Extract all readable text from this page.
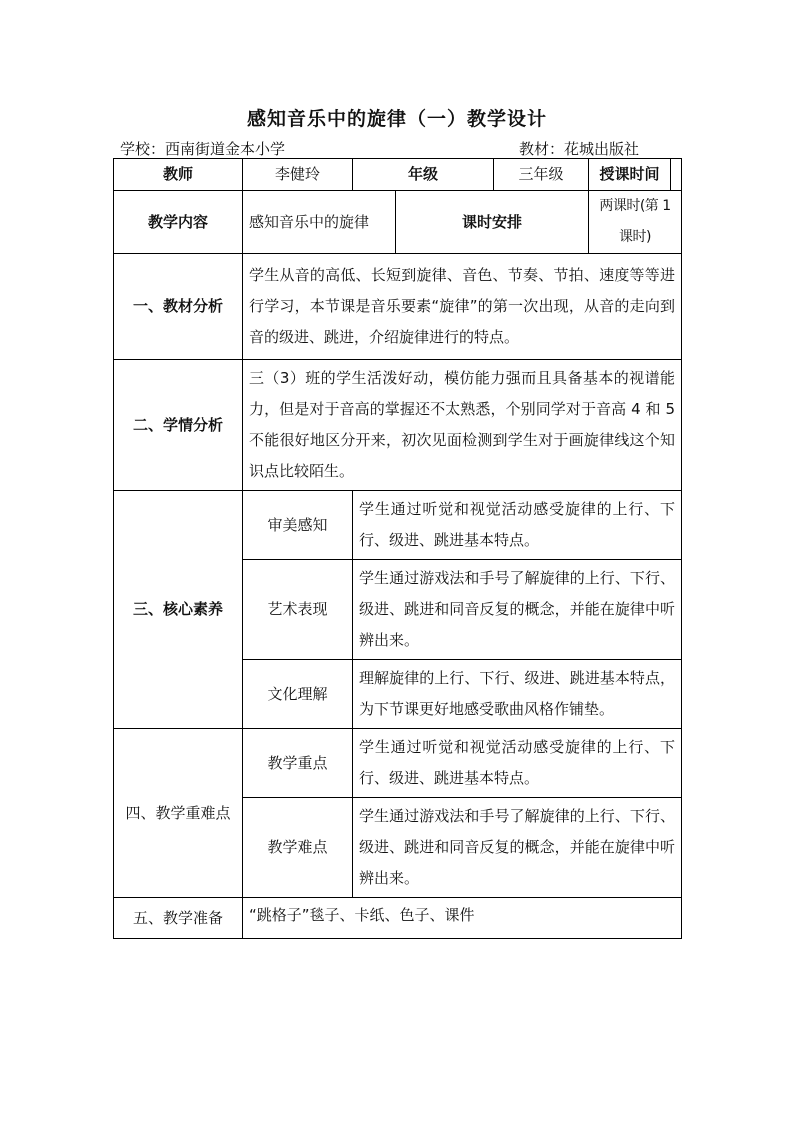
感知音乐中的旋律（一）教学设计
学校：西南街道金本小学	教材：花城出版社
教师	李健玲	年级		三年级	授课时间

教学内容	感知音乐中的旋律		课时安排		两课时(第 1 课时)
一、教材分析	学生从音的高低、长短到旋律、音色、节奏、节拍、速度等等进行学习，本节课是音乐要素“旋律”的第一次出现，从音的走向到音的级进、跳进，介绍旋律进行的特点。				
二、学情分析	三（3）班的学生活泼好动，模仿能力强而且具备基本的视谱能力，但是对于音高的掌握还不太熟悉，个别同学对于音高 4 和 5 不能很好地区分开来，初次见面检测到学生对于画旋律线这个知识点比较陌生。				
三、核心素养	审美感知	学生通过听觉和视觉活动感受旋律的上行、下行、级进、跳进基本特点。			
	艺术表现	学生通过游戏法和手号了解旋律的上行、下行、级进、跳进和同音反复的概念，并能在旋律中听辨出来。			
	文化理解	理解旋律的上行、下行、级进、跳进基本特点，为下节课更好地感受歌曲风格作铺垫。			
四、教学重难点	教学重点	学生通过听觉和视觉活动感受旋律的上行、下行、级进、跳进基本特点。			
	教学难点	学生通过游戏法和手号了解旋律的上行、下行、级进、跳进和同音反复的概念，并能在旋律中听辨出来。			
五、教学准备	“跳格子”毯子、卡纸、色子、课件				
